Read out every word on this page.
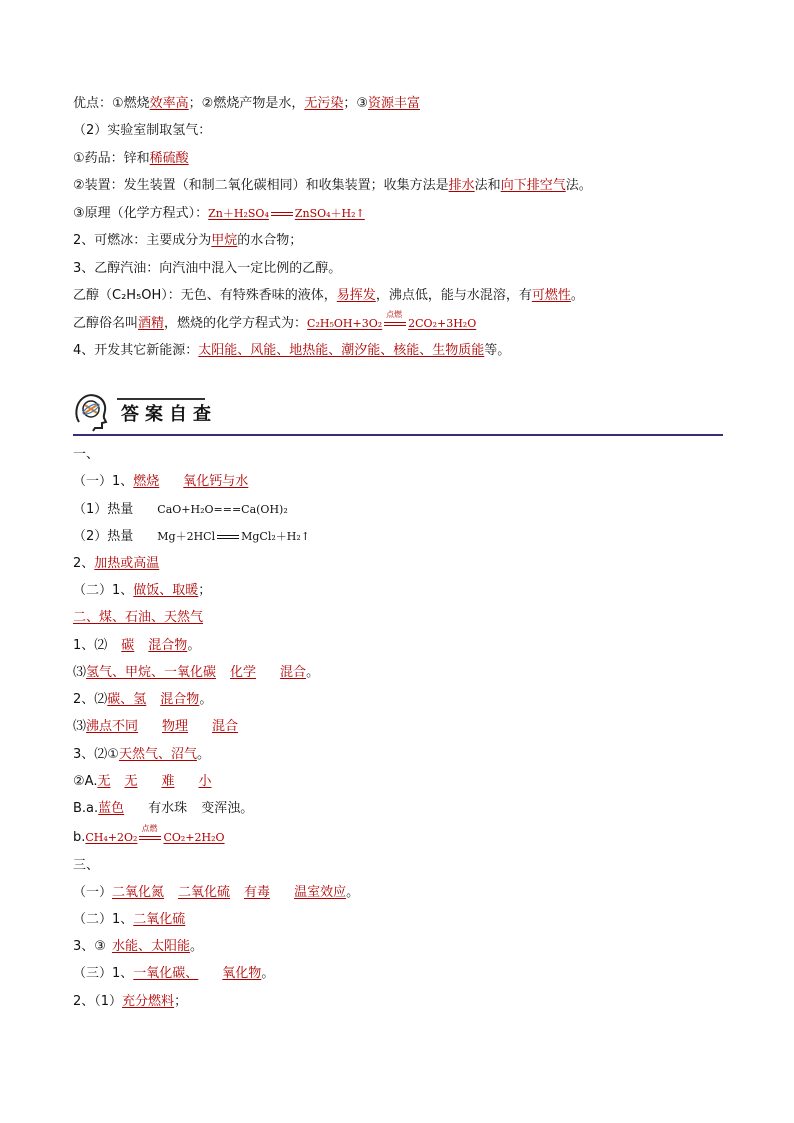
优点：①燃烧效率高；②燃烧产物是水，无污染；③资源丰富
（2）实验室制取氢气：
①药品：锌和稀硫酸
②装置：发生装置（和制二氧化碳相同）和收集装置；收集方法是排水法和向下排空气法。
③原理（化学方程式）：Zn＋H₂SO₄ ZnSO₄＋H₂↑
2、可燃冰：主要成分为甲烷的水合物；
3、乙醇汽油：向汽油中混入一定比例的乙醇。
乙醇（C₂H₅OH）：无色、有特殊香味的液体，易挥发，沸点低，能与水混溶，有可燃性。
乙醇俗名叫酒精，燃烧的化学方程式为：C₂H₅OH+3O₂
点燃
2CO₂+3H₂O
4、开发其它新能源：太阳能、风能、地热能、潮汐能、核能、生物质能等。
答案自查
一、
（一）1、燃烧 氧化钙与水
（1）热量 CaO+H₂O===Ca(OH)₂
（2）热量 Mg＋2HCl MgCl₂＋H₂↑
2、加热或高温
（二）1、做饭、取暖；
二、煤、石油、天然气
1、⑵ 碳 混合物。
⑶氢气、甲烷、一氧化碳 化学 混合。
2、⑵碳、氢 混合物。
⑶沸点不同 物理 混合
3、⑵①天然气、沼气。
②A.无 无 难 小
B.a.蓝色 有水珠 变浑浊。
b.CH₄+2O₂
点燃
CO₂+2H₂O
三、
（一）二氧化氮 二氧化硫 有毒 温室效应。
（二）1、二氧化硫
3、③ 水能、太阳能。
（三）1、一氧化碳、 氧化物。
2、（1）充分燃料；
